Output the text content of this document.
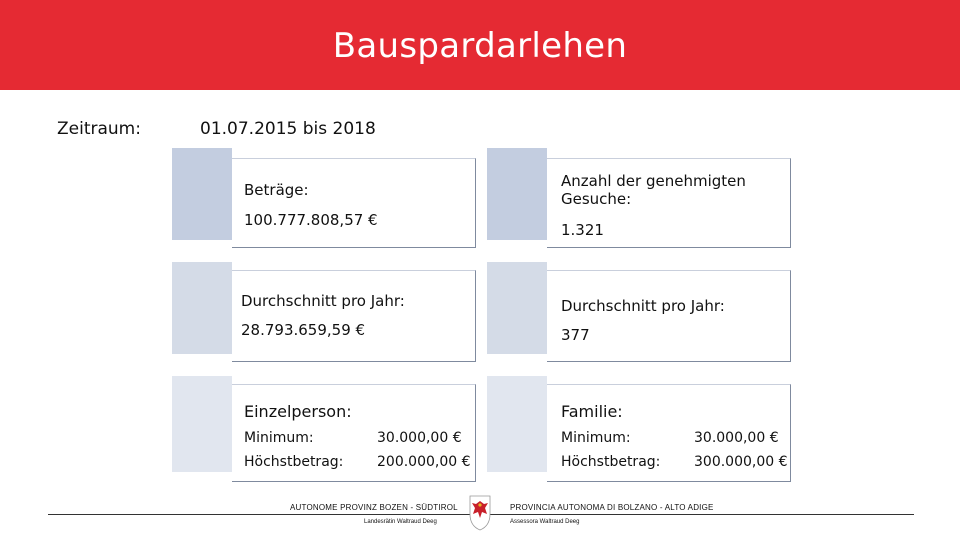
Bauspardarlehen
Zeitraum:	01.07.2015 bis 2018
Beträge:
100.777.808,57 €
Anzahl der genehmigten Gesuche:
1.321
Durchschnitt pro Jahr:
28.793.659,59 €
Durchschnitt pro Jahr:
377
Einzelperson:
Minimum:	30.000,00 €
Höchstbetrag: 200.000,00 €
Familie:
Minimum:	30.000,00 €
Höchstbetrag: 300.000,00 €
AUTONOME PROVINZ BOZEN - SÜDTIROL
Landesrätin Waltraud Deeg
PROVINCIA AUTONOMA DI BOLZANO - ALTO ADIGE
Assessora Waltraud Deeg
